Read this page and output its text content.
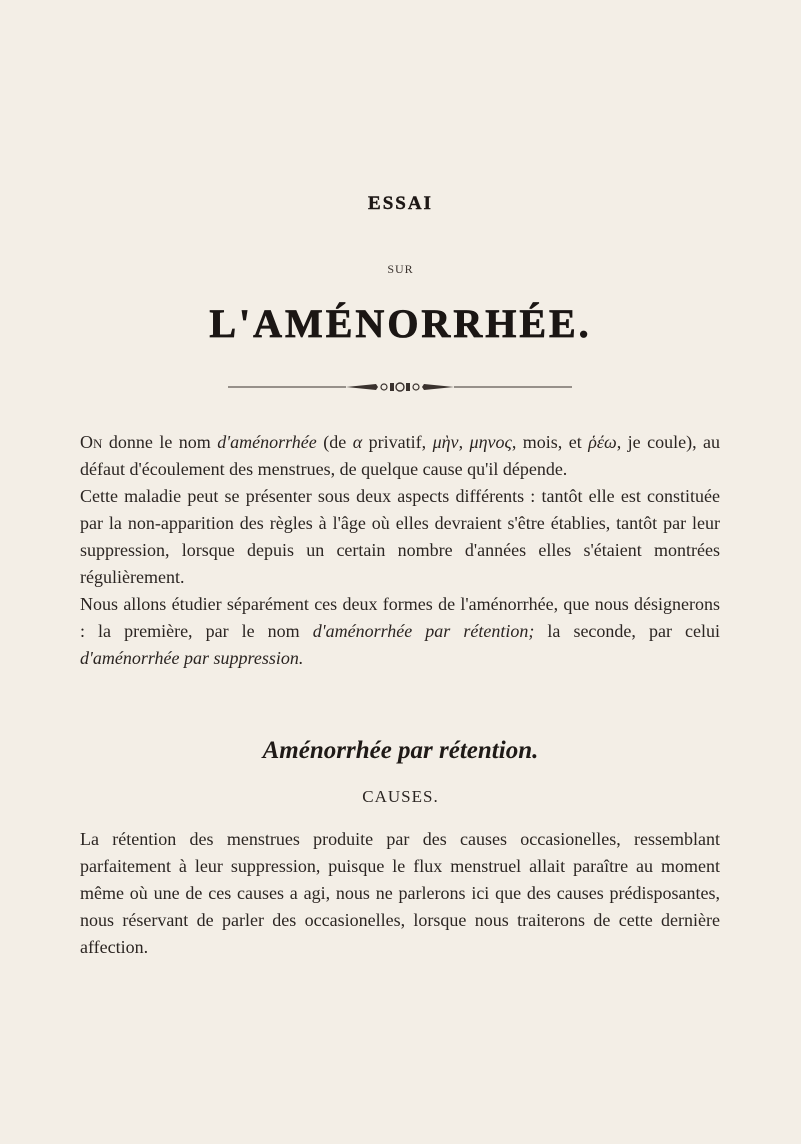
ESSAI
SUR
L'AMÉNORRHÉE.

On donne le nom d'aménorrhée (de α privatif, μὴν, μηνος, mois, et ῥέω, je coule), au défaut d'écoulement des menstrues, de quelque cause qu'il dépende.

Cette maladie peut se présenter sous deux aspects différents : tantôt elle est constituée par la non-apparition des règles à l'âge où elles devraient s'être établies, tantôt par leur suppression, lorsque depuis un certain nombre d'années elles s'étaient montrées régulièrement.

Nous allons étudier séparément ces deux formes de l'aménorrhée, que nous désignerons : la première, par le nom d'aménorrhée par rétention; la seconde, par celui d'aménorrhée par suppression.

Aménorrhée par rétention.
CAUSES.

La rétention des menstrues produite par des causes occasionelles, ressemblant parfaitement à leur suppression, puisque le flux menstruel allait paraître au moment même où une de ces causes a agi, nous ne parlerons ici que des causes prédisposantes, nous réservant de parler des occasionelles, lorsque nous traiterons de cette dernière affection.
